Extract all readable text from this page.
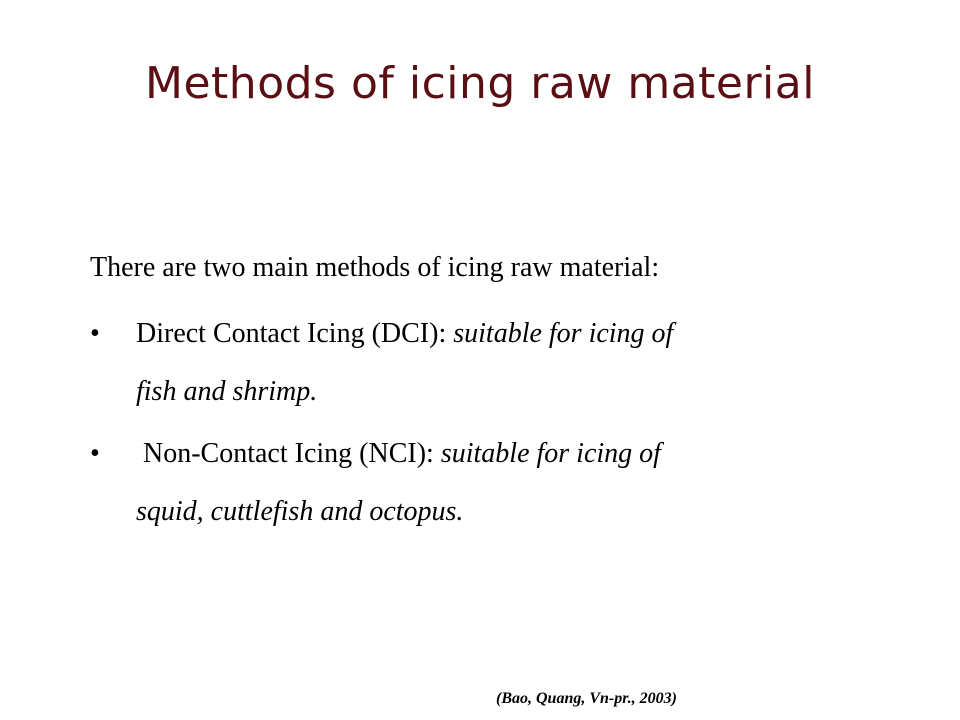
Methods of icing raw material

There are two main methods of icing raw material:

• Direct Contact Icing (DCI): suitable for icing of
fish and shrimp.
• Non-Contact Icing (NCI): suitable for icing of
squid, cuttlefish and octopus.
(Bao, Quang, Vn-pr., 2003)
